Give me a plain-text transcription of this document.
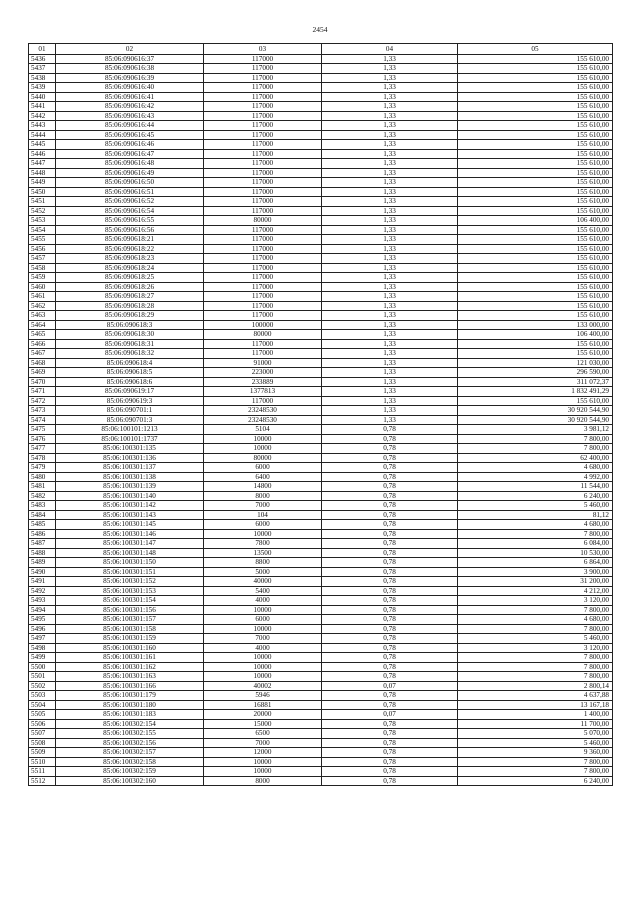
2454
01	02	03	04	05
5436	85:06:090616:37	117000	1,33	155 610,00
5437	85:06:090616:38	117000	1,33	155 610,00
5438	85:06:090616:39	117000	1,33	155 610,00
5439	85:06:090616:40	117000	1,33	155 610,00
5440	85:06:090616:41	117000	1,33	155 610,00
5441	85:06:090616:42	117000	1,33	155 610,00
5442	85:06:090616:43	117000	1,33	155 610,00
5443	85:06:090616:44	117000	1,33	155 610,00
5444	85:06:090616:45	117000	1,33	155 610,00
5445	85:06:090616:46	117000	1,33	155 610,00
5446	85:06:090616:47	117000	1,33	155 610,00
5447	85:06:090616:48	117000	1,33	155 610,00
5448	85:06:090616:49	117000	1,33	155 610,00
5449	85:06:090616:50	117000	1,33	155 610,00
5450	85:06:090616:51	117000	1,33	155 610,00
5451	85:06:090616:52	117000	1,33	155 610,00
5452	85:06:090616:54	117000	1,33	155 610,00
5453	85:06:090616:55	80000	1,33	106 400,00
5454	85:06:090616:56	117000	1,33	155 610,00
5455	85:06:090618:21	117000	1,33	155 610,00
5456	85:06:090618:22	117000	1,33	155 610,00
5457	85:06:090618:23	117000	1,33	155 610,00
5458	85:06:090618:24	117000	1,33	155 610,00
5459	85:06:090618:25	117000	1,33	155 610,00
5460	85:06:090618:26	117000	1,33	155 610,00
5461	85:06:090618:27	117000	1,33	155 610,00
5462	85:06:090618:28	117000	1,33	155 610,00
5463	85:06:090618:29	117000	1,33	155 610,00
5464	85:06:090618:3	100000	1,33	133 000,00
5465	85:06:090618:30	80000	1,33	106 400,00
5466	85:06:090618:31	117000	1,33	155 610,00
5467	85:06:090618:32	117000	1,33	155 610,00
5468	85:06:090618:4	91000	1,33	121 030,00
5469	85:06:090618:5	223000	1,33	296 590,00
5470	85:06:090618:6	233889	1,33	311 072,37
5471	85:06:090619:17	1377813	1,33	1 832 491,29
5472	85:06:090619:3	117000	1,33	155 610,00
5473	85:06:090701:1	23248530	1,33	30 920 544,90
5474	85:06:090701:3	23248530	1,33	30 920 544,90
5475	85:06:100101:1213	5104	0,78	3 981,12
5476	85:06:100101:1737	10000	0,78	7 800,00
5477	85:06:100301:135	10000	0,78	7 800,00
5478	85:06:100301:136	80000	0,78	62 400,00
5479	85:06:100301:137	6000	0,78	4 680,00
5480	85:06:100301:138	6400	0,78	4 992,00
5481	85:06:100301:139	14800	0,78	11 544,00
5482	85:06:100301:140	8000	0,78	6 240,00
5483	85:06:100301:142	7000	0,78	5 460,00
5484	85:06:100301:143	104	0,78	81,12
5485	85:06:100301:145	6000	0,78	4 680,00
5486	85:06:100301:146	10000	0,78	7 800,00
5487	85:06:100301:147	7800	0,78	6 084,00
5488	85:06:100301:148	13500	0,78	10 530,00
5489	85:06:100301:150	8800	0,78	6 864,00
5490	85:06:100301:151	5000	0,78	3 900,00
5491	85:06:100301:152	40000	0,78	31 200,00
5492	85:06:100301:153	5400	0,78	4 212,00
5493	85:06:100301:154	4000	0,78	3 120,00
5494	85:06:100301:156	10000	0,78	7 800,00
5495	85:06:100301:157	6000	0,78	4 680,00
5496	85:06:100301:158	10000	0,78	7 800,00
5497	85:06:100301:159	7000	0,78	5 460,00
5498	85:06:100301:160	4000	0,78	3 120,00
5499	85:06:100301:161	10000	0,78	7 800,00
5500	85:06:100301:162	10000	0,78	7 800,00
5501	85:06:100301:163	10000	0,78	7 800,00
5502	85:06:100301:166	40002	0,07	2 800,14
5503	85:06:100301:179	5946	0,78	4 637,88
5504	85:06:100301:180	16881	0,78	13 167,18
5505	85:06:100301:183	20000	0,07	1 400,00
5506	85:06:100302:154	15000	0,78	11 700,00
5507	85:06:100302:155	6500	0,78	5 070,00
5508	85:06:100302:156	7000	0,78	5 460,00
5509	85:06:100302:157	12000	0,78	9 360,00
5510	85:06:100302:158	10000	0,78	7 800,00
5511	85:06:100302:159	10000	0,78	7 800,00
5512	85:06:100302:160	8000	0,78	6 240,00
